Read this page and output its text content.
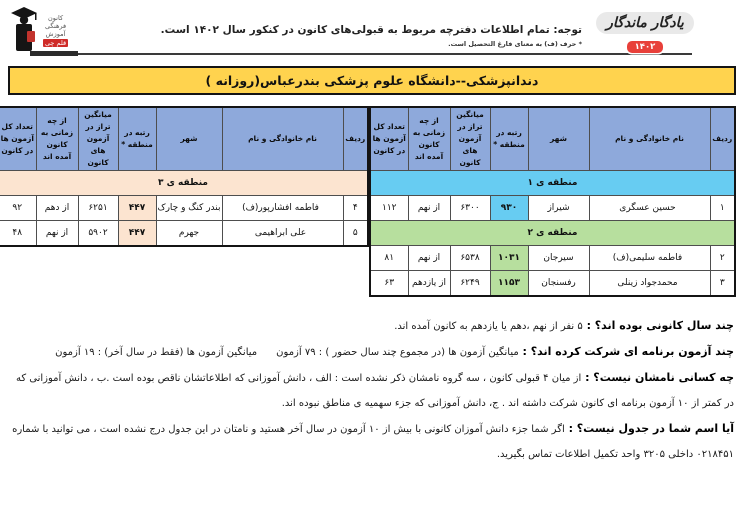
کانون
فرهنگی
آموزش
قلم چی
توجه: تمام اطلاعات دفترچه مربوط به قبولی‌های کانون در کنکور سال ۱۴۰۲ است.
* حرف (ف) به معنای فارغ التحصیل است.
یادگار ماندگار
۱۴۰۲
دندانپزشکی--دانشگاه علوم پزشکی بندرعباس(روزانه )
ردیف	نام خانوادگی و نام	شهر	رتبه در منطقه *	میانگین تراز در آزمون های کانون	از چه زمانی به کانون آمده اند	تعداد کل آزمون ها در کانون
منطقه ی ۱						
۱	حسین عسگری	شیراز	۹۳۰	۶۳۰۰	از نهم	۱۱۲
منطقه ی ۲						
۲	فاطمه سلیمی(ف)	سیرجان	۱۰۳۱	۶۵۳۸	از نهم	۸۱
۳	محمدجواد زینلی	رفسنجان	۱۱۵۳	۶۲۴۹	از یازدهم	۶۳
ردیف	نام خانوادگی و نام	شهر	رتبه در منطقه *	میانگین تراز در آزمون های کانون	از چه زمانی به کانون آمده اند	تعداد کل آزمون ها در کانون
منطقه ی ۳						
۴	فاطمه افشارپور(ف)	بندر کنگ و چارک	۴۴۷	۶۲۵۱	از دهم	۹۲
۵	علی ابراهیمی	جهرم	۴۴۷	۵۹۰۲	از نهم	۴۸
چند سال کانونی بوده اند؟ : ۵ نفر از نهم ،دهم یا یازدهم به کانون آمده اند.
چند آزمون برنامه ای شرکت کرده اند؟ : میانگین آزمون ها (در مجموع چند سال حضور ) : ۷۹ آزمون      میانگین آزمون ها (فقط در سال آخر) : ۱۹ آزمون
چه کسانی نامشان نیست؟ : از میان ۴ قبولی کانون ، سه گروه نامشان ذکر نشده است : الف ، دانش آموزانی که اطلاعاتشان ناقص بوده است .ب ، دانش آموزانی که در کمتر از ۱۰ آزمون برنامه ای کانون شرکت داشته اند . ج، دانش آموزانی که جزء سهمیه ی مناطق نبوده اند.
آیا اسم شما در جدول نیست؟ : اگر شما جزء دانش آموزان کانونی با بیش از ۱۰ آزمون در سال آخر هستید و نامتان در این جدول درج نشده است ، می توانید با شماره ۰۲۱۸۴۵۱ داخلی ۳۲۰۵ واحد تکمیل اطلاعات تماس بگیرید.
